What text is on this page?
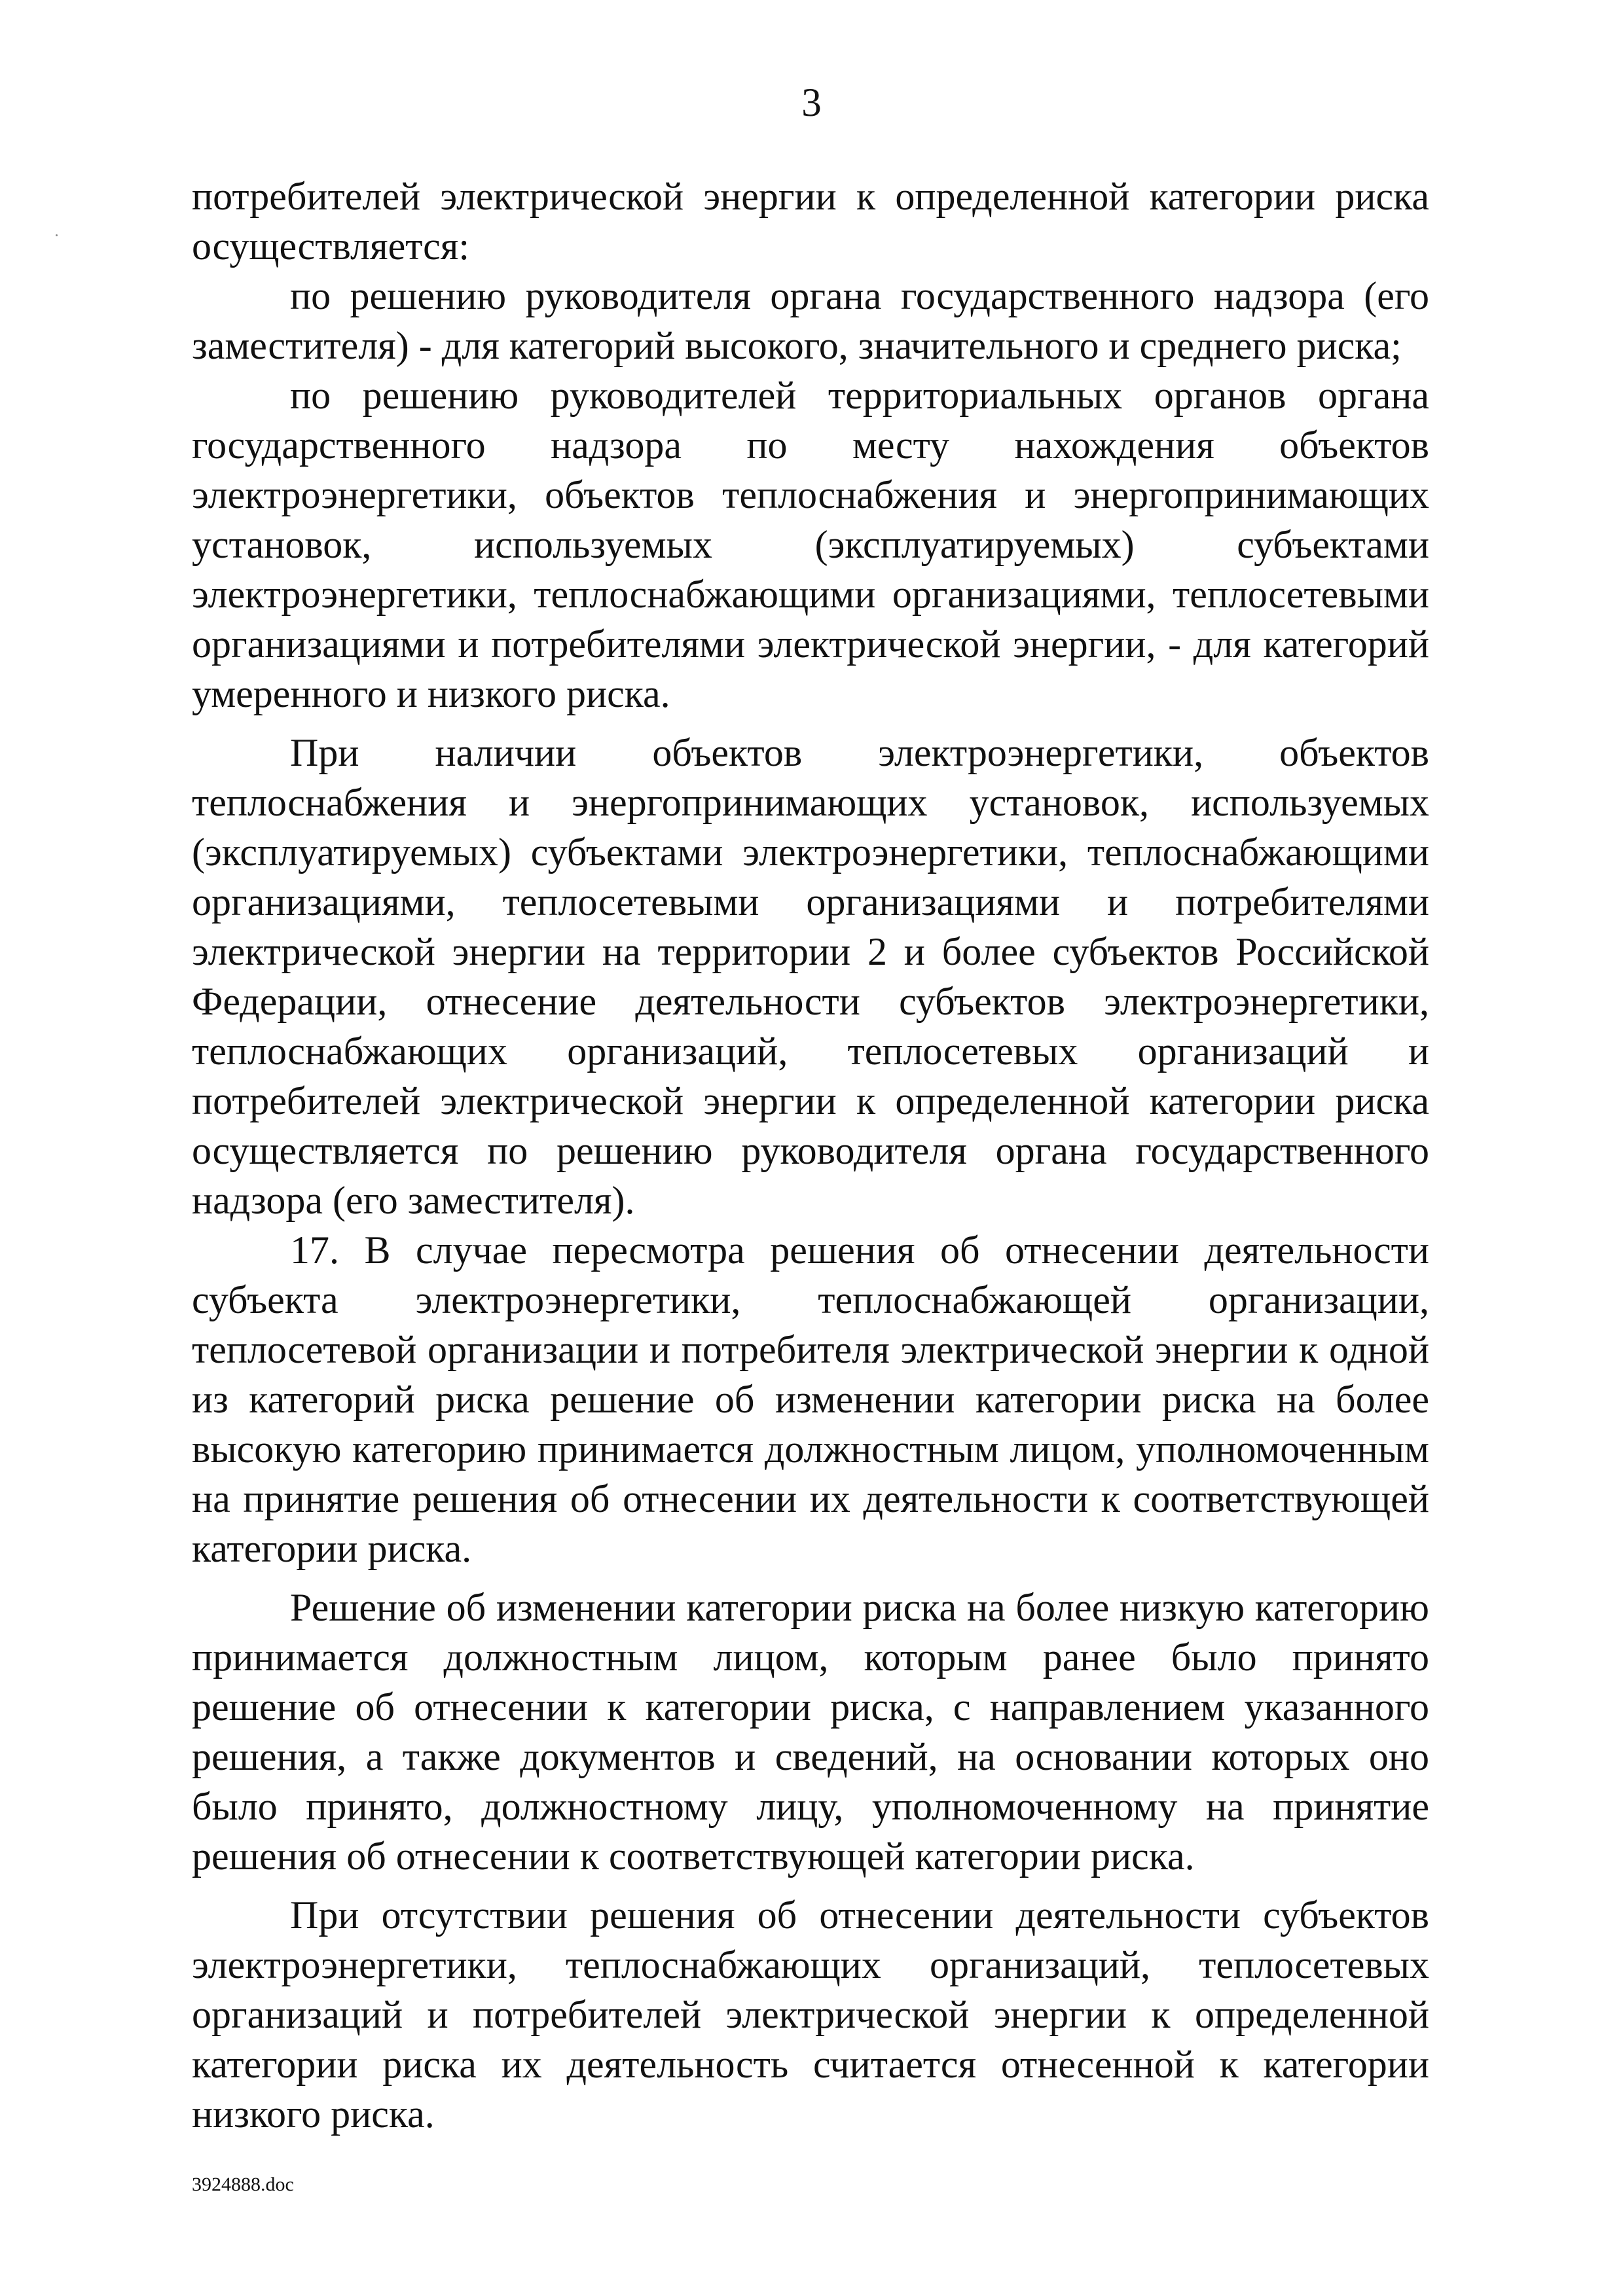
3

потребителей электрической энергии к определенной категории риска осуществляется:

по решению руководителя органа государственного надзора (его заместителя) - для категорий высокого, значительного и среднего риска;

по решению руководителей территориальных органов органа государственного надзора по месту нахождения объектов электроэнергетики, объектов теплоснабжения и энергопринимающих установок, используемых (эксплуатируемых) субъектами электроэнергетики, теплоснабжающими организациями, теплосетевыми организациями и потребителями электрической энергии, - для категорий умеренного и низкого риска.

При наличии объектов электроэнергетики, объектов теплоснабжения и энергопринимающих установок, используемых (эксплуатируемых) субъектами электроэнергетики, теплоснабжающими организациями, теплосетевыми организациями и потребителями электрической энергии на территории 2 и более субъектов Российской Федерации, отнесение деятельности субъектов электроэнергетики, теплоснабжающих организаций, теплосетевых организаций и потребителей электрической энергии к определенной категории риска осуществляется по решению руководителя органа государственного надзора (его заместителя).

17. В случае пересмотра решения об отнесении деятельности субъекта электроэнергетики, теплоснабжающей организации, теплосетевой организации и потребителя электрической энергии к одной из категорий риска решение об изменении категории риска на более высокую категорию принимается должностным лицом, уполномоченным на принятие решения об отнесении их деятельности к соответствующей категории риска.

Решение об изменении категории риска на более низкую категорию принимается должностным лицом, которым ранее было принято решение об отнесении к категории риска, с направлением указанного решения, а также документов и сведений, на основании которых оно было принято, должностному лицу, уполномоченному на принятие решения об отнесении к соответствующей категории риска.

При отсутствии решения об отнесении деятельности субъектов электроэнергетики, теплоснабжающих организаций, теплосетевых организаций и потребителей электрической энергии к определенной категории риска их деятельность считается отнесенной к категории низкого риска.

3924888.doc
